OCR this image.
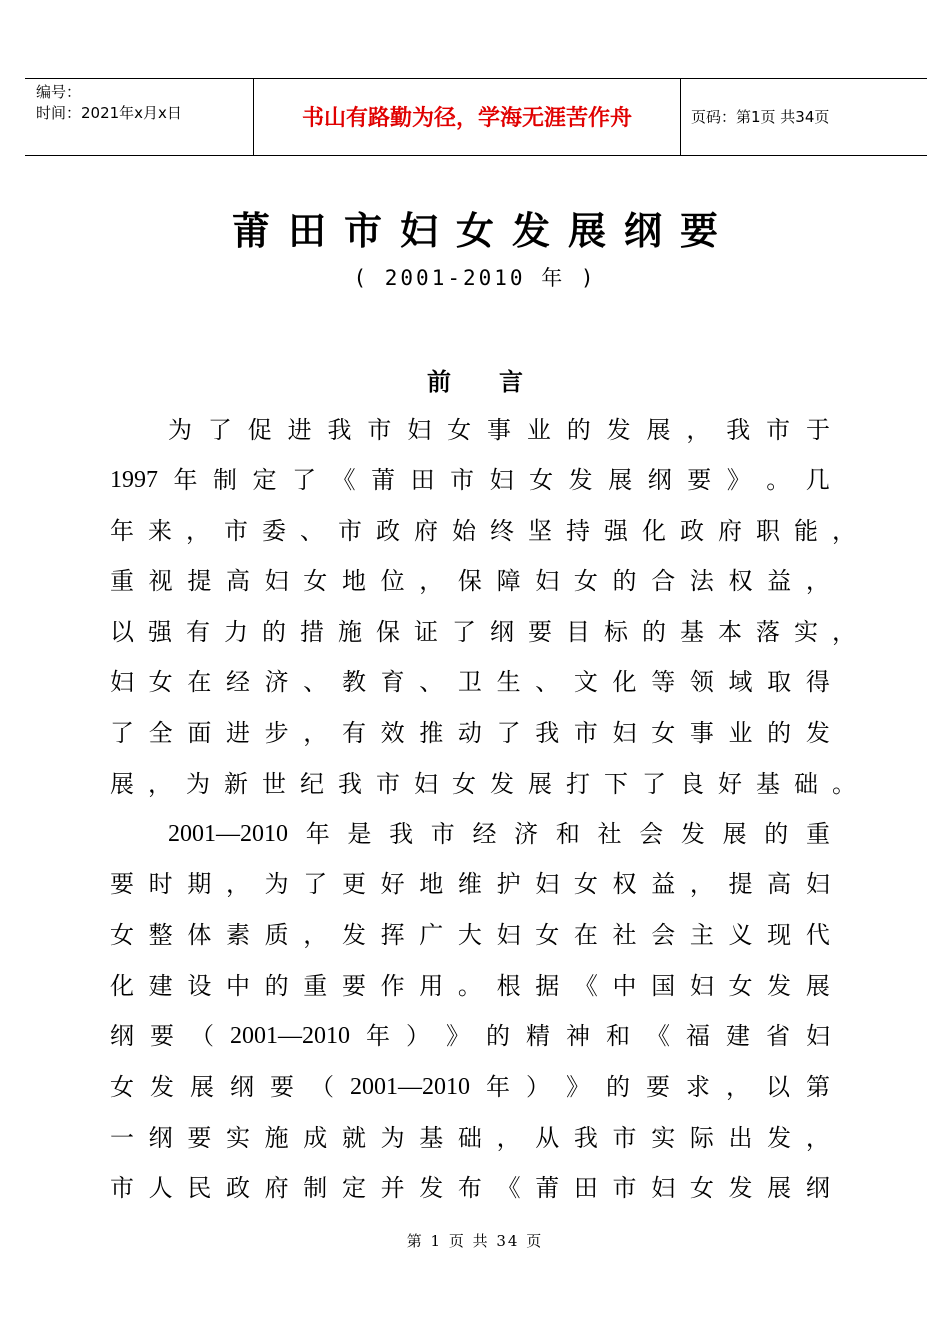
编号：
时间：2021年x月x日	书山有路勤为径，学海无涯苦作舟	页码：第1页 共34页
莆田市妇女发展纲要
( 2001-2010 年 )
前 言
为 了 促 进 我 市 妇 女 事 业 的 发 展 ， 我 市 于
1997 年 制 定 了 《 莆 田 市 妇 女 发 展 纲 要 》 。 几
年 来 ， 市 委 、 市 政 府 始 终 坚 持 强 化 政 府 职 能 ，
重 视 提 高 妇 女 地 位 ， 保 障 妇 女 的 合 法 权 益 ，
以 强 有 力 的 措 施 保 证 了 纲 要 目 标 的 基 本 落 实 ，
妇 女 在 经 济 、 教 育 、 卫 生 、 文 化 等 领 域 取 得
了 全 面 进 步 ， 有 效 推 动 了 我 市 妇 女 事 业 的 发
展 ， 为 新 世 纪 我 市 妇 女 发 展 打 下 了 良 好 基 础 。
2001—2010 年 是 我 市 经 济 和 社 会 发 展 的 重
要 时 期 ， 为 了 更 好 地 维 护 妇 女 权 益 ， 提 高 妇
女 整 体 素 质 ， 发 挥 广 大 妇 女 在 社 会 主 义 现 代
化 建 设 中 的 重 要 作 用 。 根 据 《 中 国 妇 女 发 展
纲 要 （ 2001—2010 年 ） 》 的 精 神 和 《 福 建 省 妇
女 发 展 纲 要 （ 2001—2010 年 ） 》 的 要 求 ， 以 第
一 纲 要 实 施 成 就 为 基 础 ， 从 我 市 实 际 出 发 ，
市 人 民 政 府 制 定 并 发 布 《 莆 田 市 妇 女 发 展 纲
第 1 页 共 34 页
